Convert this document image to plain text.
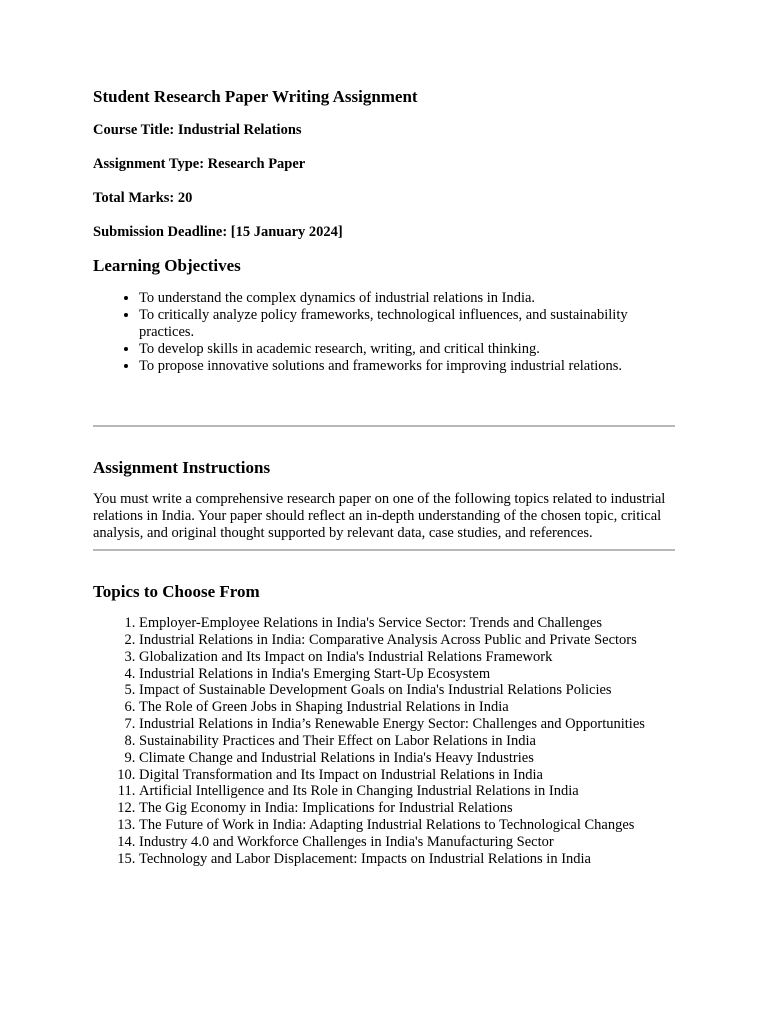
Student Research Paper Writing Assignment

Course Title: Industrial Relations

Assignment Type: Research Paper

Total Marks: 20

Submission Deadline: [15 January 2024]

Learning Objectives
• To understand the complex dynamics of industrial relations in India.
• To critically analyze policy frameworks, technological influences, and sustainability practices.
• To develop skills in academic research, writing, and critical thinking.
• To propose innovative solutions and frameworks for improving industrial relations.
Assignment Instructions

You must write a comprehensive research paper on one of the following topics related to industrial relations in India. Your paper should reflect an in-depth understanding of the chosen topic, critical analysis, and original thought supported by relevant data, case studies, and references.

Topics to Choose From
1. Employer-Employee Relations in India's Service Sector: Trends and Challenges
2. Industrial Relations in India: Comparative Analysis Across Public and Private Sectors
3. Globalization and Its Impact on India's Industrial Relations Framework
4. Industrial Relations in India's Emerging Start-Up Ecosystem
5. Impact of Sustainable Development Goals on India's Industrial Relations Policies
6. The Role of Green Jobs in Shaping Industrial Relations in India
7. Industrial Relations in India’s Renewable Energy Sector: Challenges and Opportunities
8. Sustainability Practices and Their Effect on Labor Relations in India
9. Climate Change and Industrial Relations in India's Heavy Industries
10. Digital Transformation and Its Impact on Industrial Relations in India
11. Artificial Intelligence and Its Role in Changing Industrial Relations in India
12. The Gig Economy in India: Implications for Industrial Relations
13. The Future of Work in India: Adapting Industrial Relations to Technological Changes
14. Industry 4.0 and Workforce Challenges in India's Manufacturing Sector
15. Technology and Labor Displacement: Impacts on Industrial Relations in India
